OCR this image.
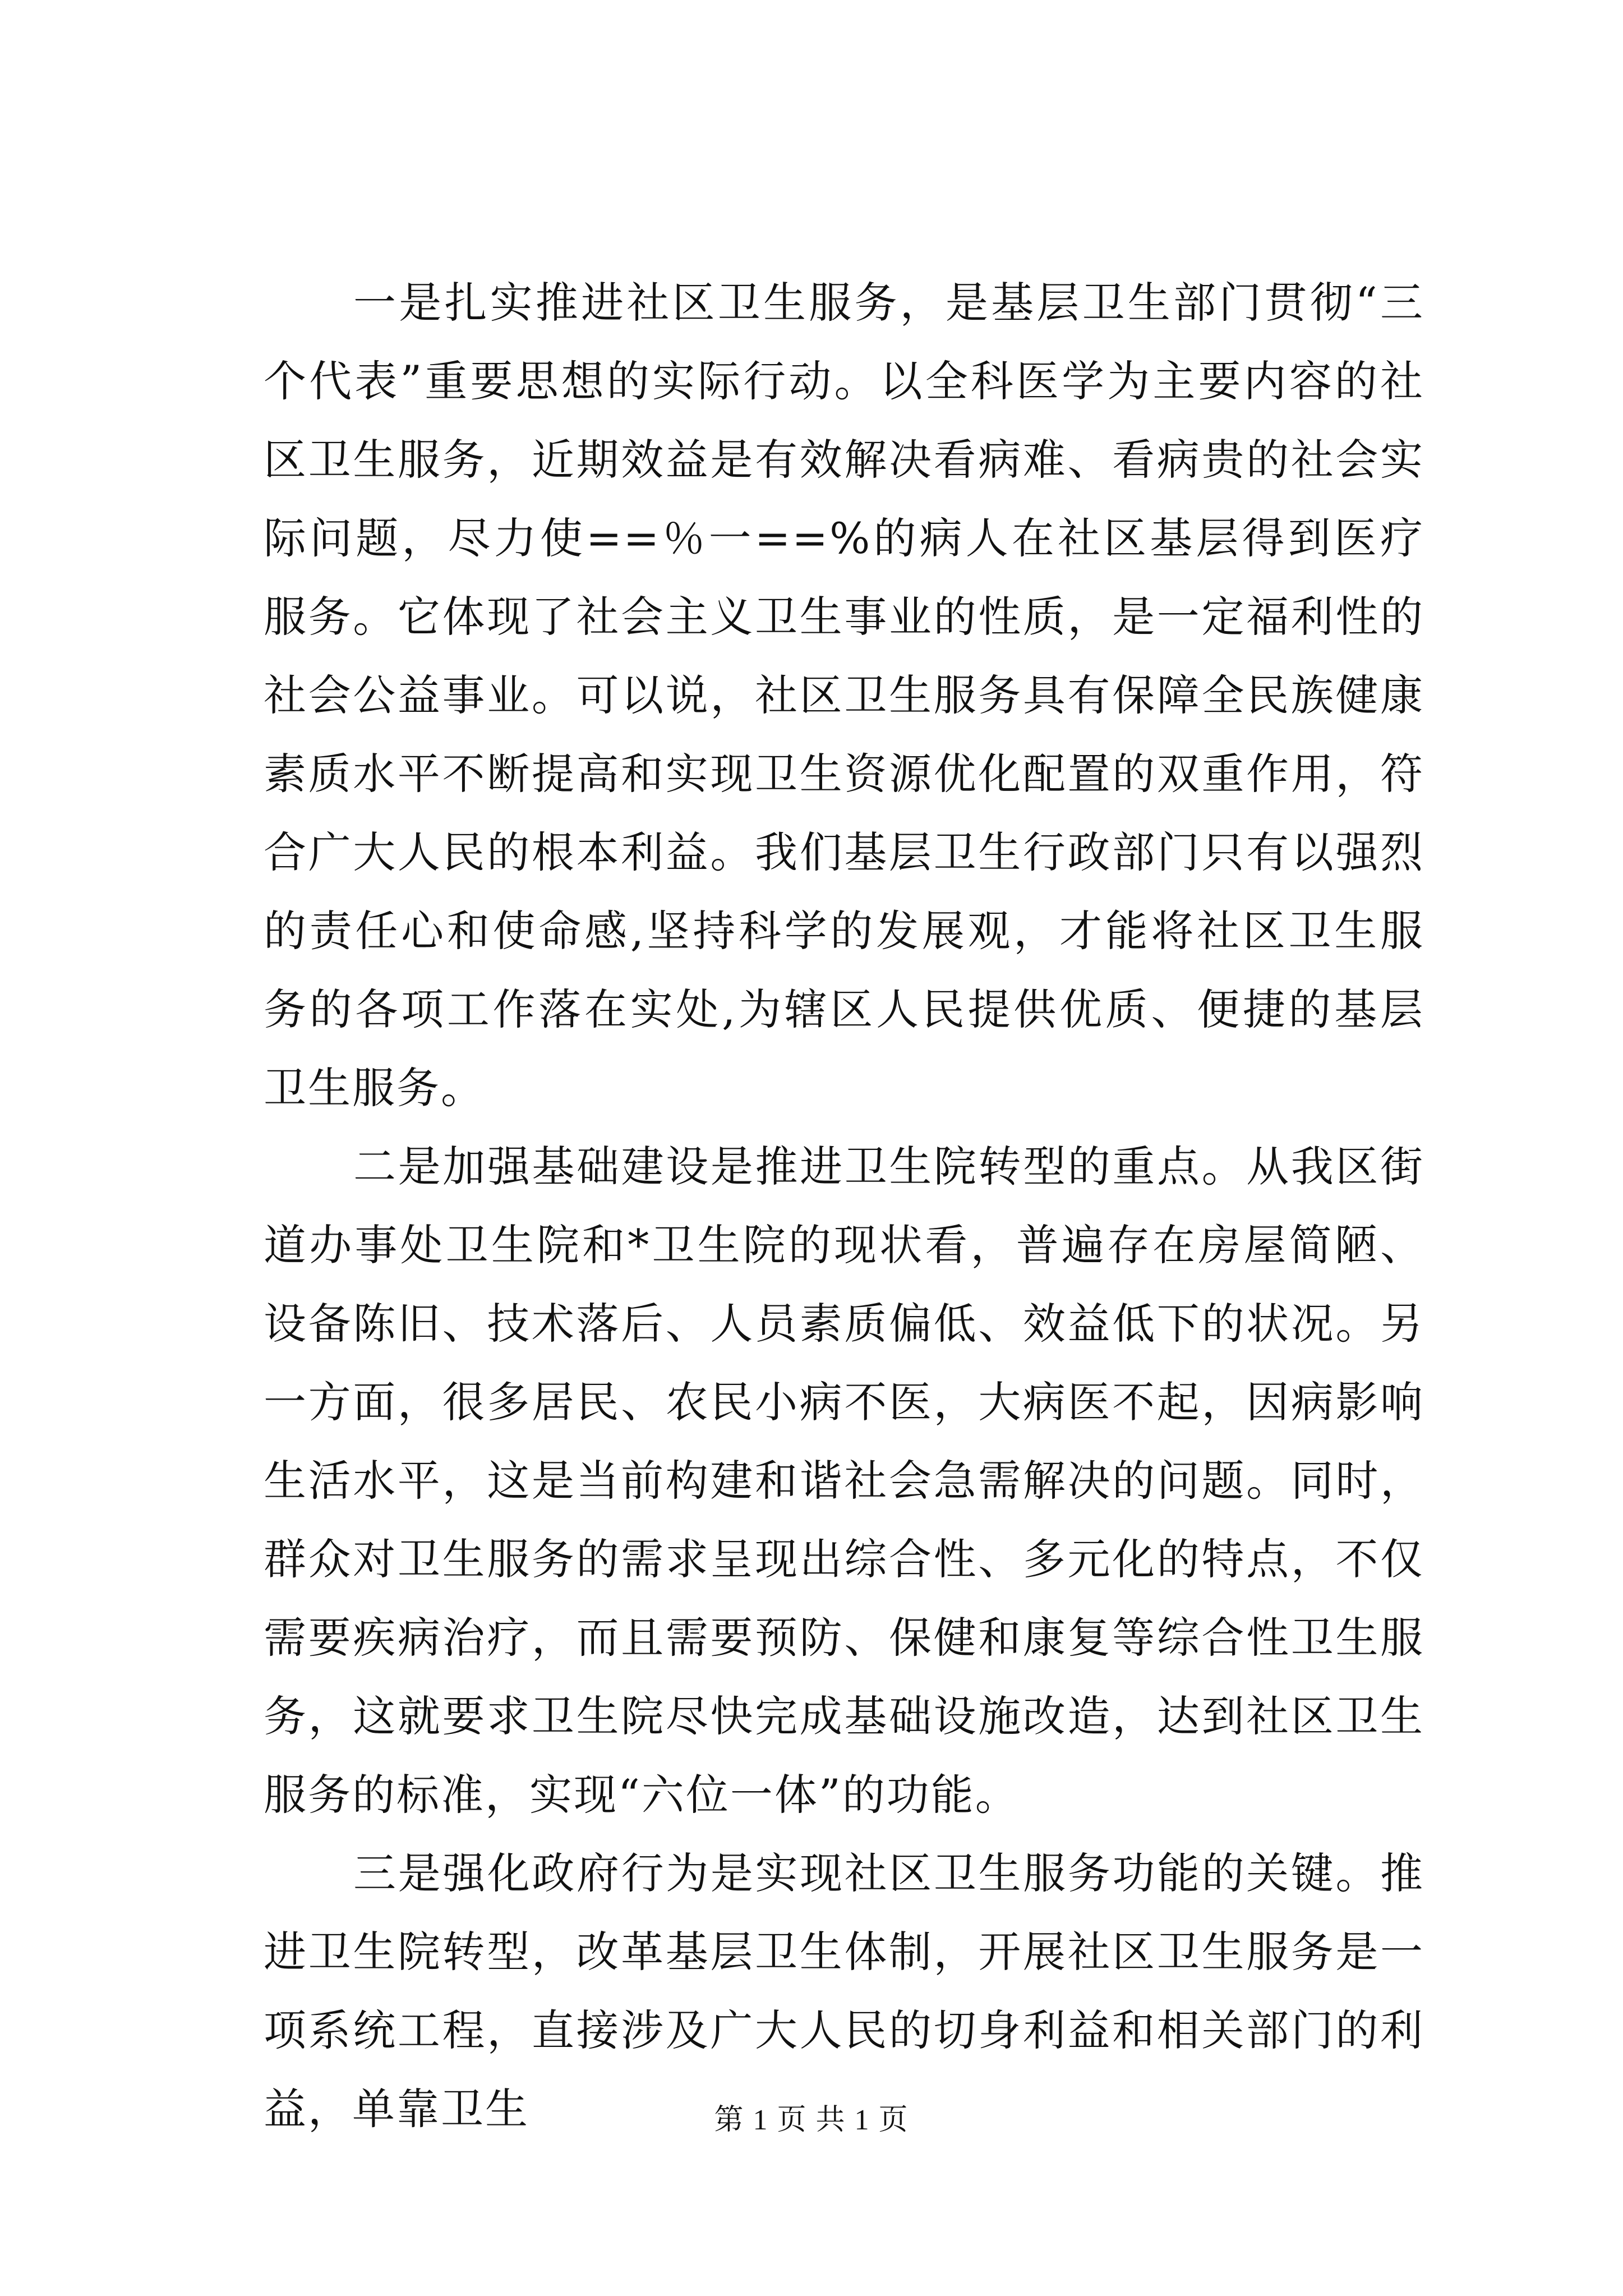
一是扎实推进社区卫生服务，是基层卫生部门贯彻“三个代表”重要思想的实际行动。以全科医学为主要内容的社区卫生服务，近期效益是有效解决看病难、看病贵的社会实际问题，尽力使==％一==%的病人在社区基层得到医疗服务。它体现了社会主义卫生事业的性质，是一定福利性的社会公益事业。可以说，社区卫生服务具有保障全民族健康素质水平不断提高和实现卫生资源优化配置的双重作用，符合广大人民的根本利益。我们基层卫生行政部门只有以强烈的责任心和使命感,坚持科学的发展观，才能将社区卫生服务的各项工作落在实处,为辖区人民提供优质、便捷的基层卫生服务。

二是加强基础建设是推进卫生院转型的重点。从我区街道办事处卫生院和*卫生院的现状看，普遍存在房屋简陋、设备陈旧、技术落后、人员素质偏低、效益低下的状况。另一方面，很多居民、农民小病不医，大病医不起，因病影响生活水平，这是当前构建和谐社会急需解决的问题。同时，群众对卫生服务的需求呈现出综合性、多元化的特点，不仅需要疾病治疗，而且需要预防、保健和康复等综合性卫生服务，这就要求卫生院尽快完成基础设施改造，达到社区卫生服务的标准，实现“六位一体”的功能。

三是强化政府行为是实现社区卫生服务功能的关键。推进卫生院转型，改革基层卫生体制，开展社区卫生服务是一项系统工程，直接涉及广大人民的切身利益和相关部门的利益，单靠卫生	第 1 页 共 1 页
